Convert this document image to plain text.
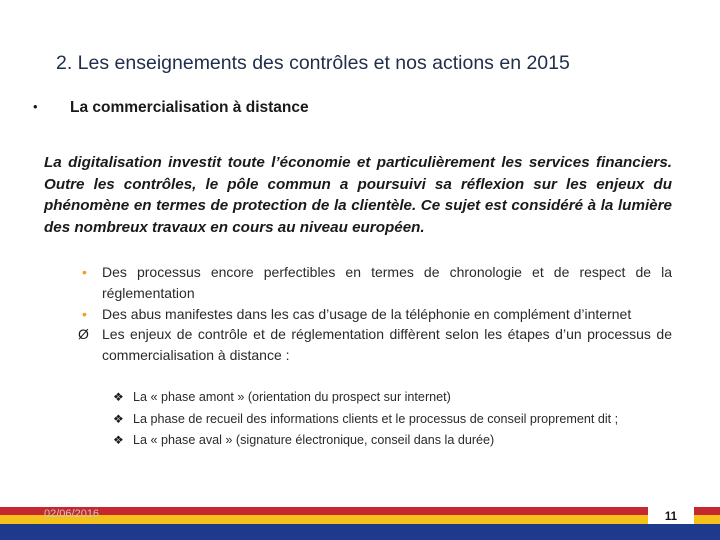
2. Les enseignements des contrôles et nos actions en 2015
• La commercialisation à distance
La digitalisation investit toute l’économie et particulièrement les services financiers. Outre les contrôles, le pôle commun a poursuivi sa réflexion sur les enjeux du phénomène en termes de protection de la clientèle. Ce sujet est considéré à la lumière des nombreux travaux en cours au niveau européen.
• Des processus encore perfectibles en termes de chronologie et de respect de la réglementation
• Des abus manifestes dans les cas d’usage de la téléphonie en complément d’internet
Ø Les enjeux de contrôle et de réglementation diffèrent selon les étapes d’un processus de commercialisation à distance :
❖ La « phase amont » (orientation du prospect sur internet)
❖ La phase de recueil des informations clients et le processus de conseil proprement dit ;
❖ La « phase aval » (signature électronique, conseil dans la durée)
02/06/2016	11
